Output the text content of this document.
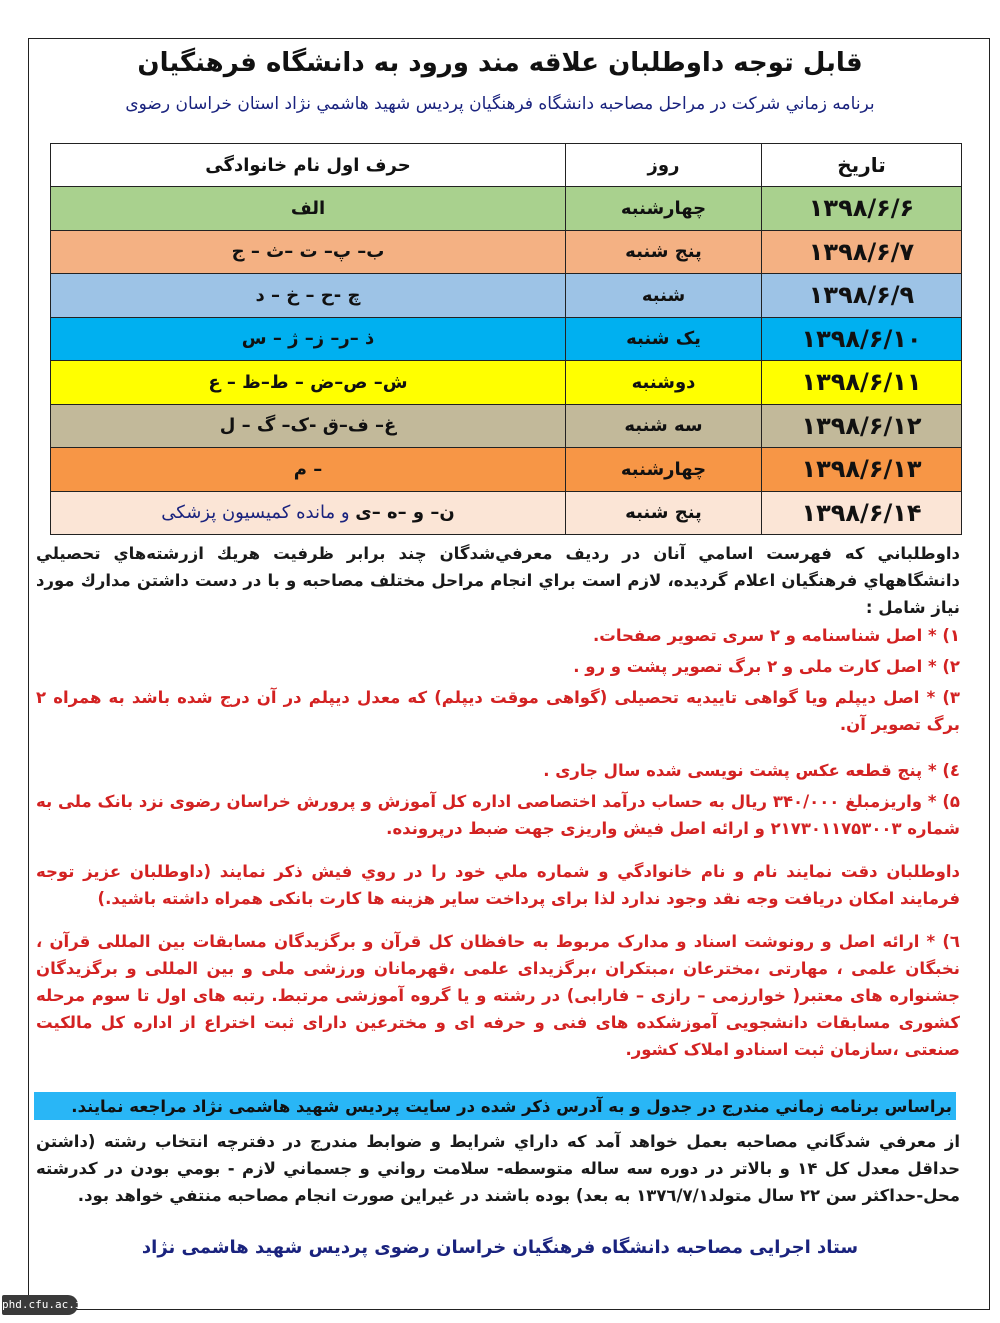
قابل توجه داوطلبان علاقه مند ورود به دانشگاه فرهنگیان
برنامه زماني شركت در مراحل مصاحبه دانشگاه فرهنگيان پرديس شهيد هاشمي نژاد استان خراسان رضوی
تاریخ	روز	حرف اول نام خانوادگی
۱۳۹۸/۶/۶	چهارشنبه	الف
۱۳۹۸/۶/۷	پنج شنبه	ب– پ– ت –ث – ج
۱۳۹۸/۶/۹	شنبه	چ -ح – خ – د
۱۳۹۸/۶/۱۰	یک شنبه	ذ –ر– ز– ژ – س
۱۳۹۸/۶/۱۱	دوشنبه	ش– ص–ض – ط–ظ – ع
۱۳۹۸/۶/۱۲	سه شنبه	غ– ف–ق -ک– گ – ل
۱۳۹۸/۶/۱۳	چهارشنبه	– م
۱۳۹۸/۶/۱۴	پنج شنبه	ن– و –ه –ی و مانده کمیسیون پزشکی
داوطلباني كه فهرست اسامي آنان در رديف معرفي‌شدگان چند برابر ظرفيت هريك ازرشته‌هاي تحصيلي دانشگاههاي فرهنگيان اعلام گرديده، لازم است براي انجام مراحل مختلف مصاحبه و با در دست داشتن مدارك مورد نياز شامل :
۱) * اصل شناسنامه و ۲ سری تصویر صفحات.
۲) * اصل کارت ملی و ۲ برگ تصویر پشت و رو .
۳) * اصل دیپلم ویا گواهی تاییدیه تحصیلی (گواهی موقت دیپلم) که معدل دیپلم در آن درج شده باشد به همراه ۲ برگ تصویر آن.
٤) * پنج قطعه عکس پشت نویسی شده سال جاری .
۵) * واریزمبلغ ۳۴۰/۰۰۰ ریال به حساب درآمد اختصاصی اداره کل آموزش و پرورش خراسان رضوی نزد بانک ملی به شماره ۲۱۷۳۰۱۱۷۵۳۰۰۳ و ارائه اصل فیش واریزی جهت ضبط درپرونده.
داوطلبان دقت نمايند نام و نام خانوادگي و شماره ملي خود را در روي فيش ذكر نمايند (داوطلبان عزیز توجه فرمایند امکان دریافت وجه نقد وجود ندارد لذا برای پرداخت سایر هزینه ها کارت بانکی همراه داشته باشید.)
٦) * ارائه اصل و رونوشت اسناد و مدارک مربوط به حافظان کل قرآن و برگزیدگان مسابقات بین المللی قرآن ، نخبگان علمی ، مهارتی ،مخترعان ،مبتکران ،برگزیدای علمی ،قهرمانان ورزشی ملی و بین المللی و برگزیدگان جشنواره های معتبر( خوارزمی – رازی – فارابی) در رشته و یا گروه آموزشی مرتبط. رتبه های اول تا سوم مرحله کشوری مسابقات دانشجویی آموزشکده های فنی و حرفه ای و مخترعین دارای ثبت اختراع از اداره کل مالکیت صنعتی ،سازمان ثبت اسنادو املاک کشور.
براساس برنامه زماني مندرج در جدول و به آدرس ذکر شده در سایت پردیس شهید هاشمی نژاد مراجعه نمايند.
از معرفي شدگاني مصاحبه بعمل خواهد آمد كه داراي شرايط و ضوابط مندرج در دفترچه انتخاب رشته (داشتن حداقل معدل كل ۱۴ و بالاتر در دوره سه ساله متوسطه- سلامت رواني و جسماني لازم - بومي بودن در كدرشته محل-حداكثر سن ۲۲ سال متولد۱۳۷٦/۷/۱ به بعد) بوده باشند در غيراين صورت انجام مصاحبه منتفي خواهد بود.
ستاد اجرایی مصاحبه دانشگاه فرهنگیان خراسان رضوی پردیس شهید هاشمی نژاد
phd.cfu.ac.ir
